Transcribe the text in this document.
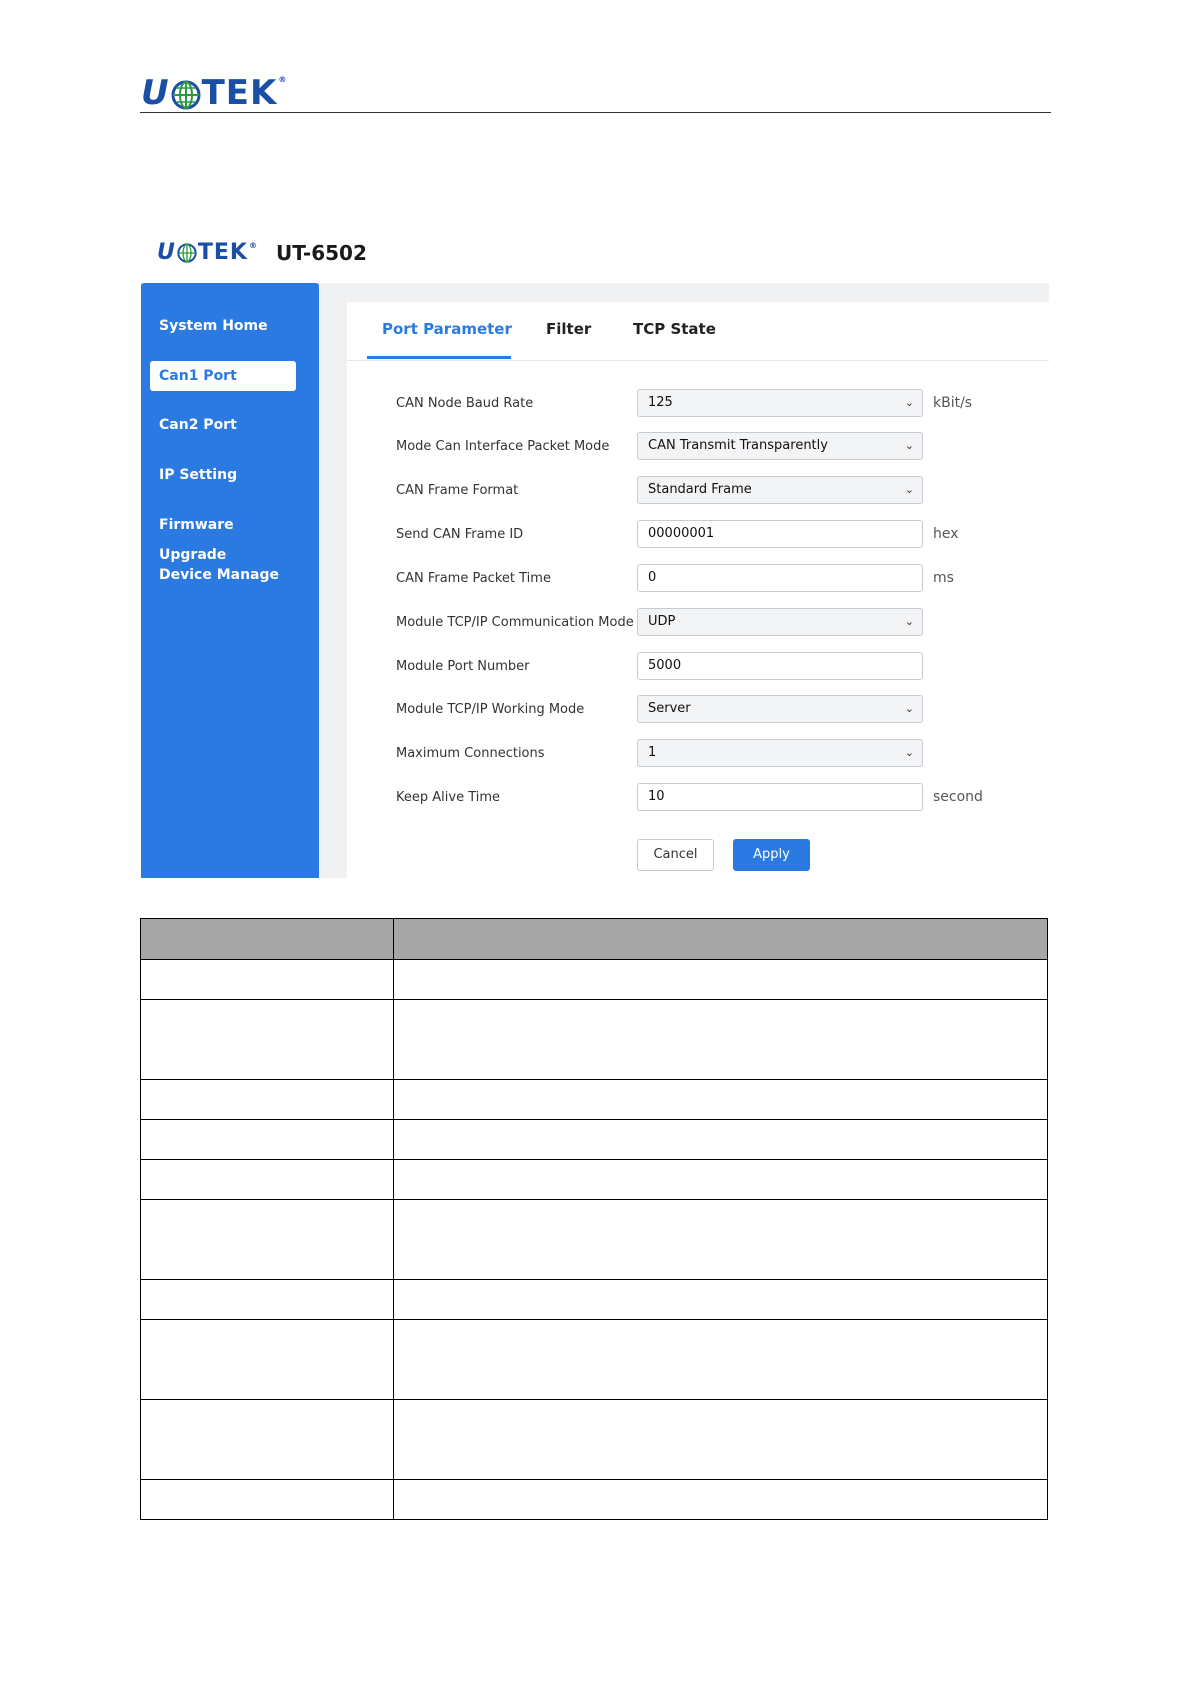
U TEK®
U TEK® UT-6502
System Home
Can1 Port
Can2 Port
IP Setting
Firmware Upgrade
Device Manage
Port Parameter Filter	TCP State
CAN Node Baud Rate	125	⌄ kBit/s
Mode Can Interface Packet Mode	CAN Transmit Transparently	⌄
CAN Frame Format	Standard Frame	⌄
Send CAN Frame ID	00000001	hex
CAN Frame Packet Time	0	ms
Module TCP/IP Communication Mode	UDP	⌄
Module Port Number	5000
Module TCP/IP Working Mode	Server	⌄
Maximum Connections	1	⌄
Keep Alive Time	10	second
Cancel	Apply
